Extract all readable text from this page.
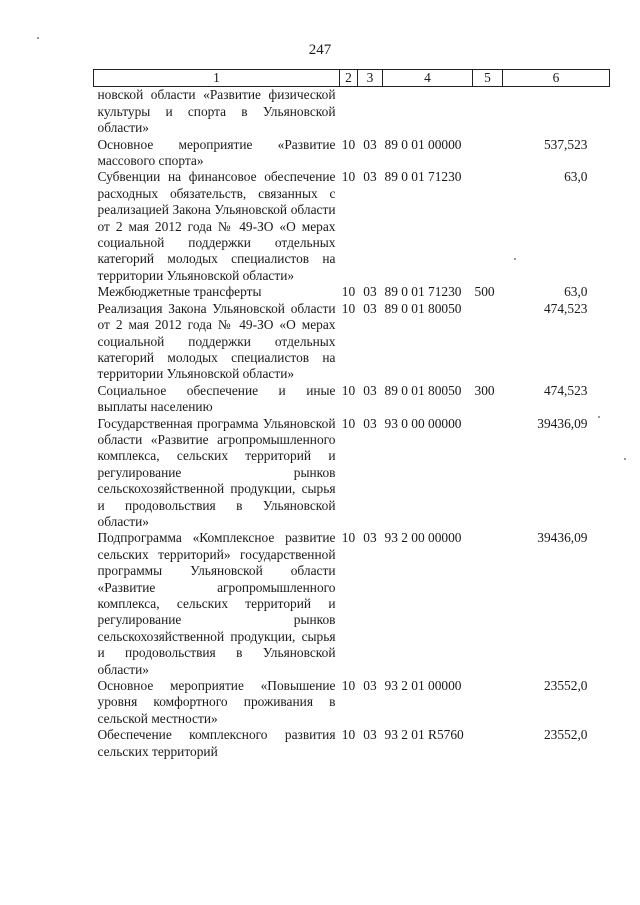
247
1	2	3	4	5	6
новской области «Развитие физической культуры и спорта в Ульяновской области»					
Основное мероприятие «Развитие массового спорта»	10	03	89 0 01 00000		537,523
Субвенции на финансовое обеспечение расходных обязательств, связанных с реализацией Закона Ульяновской области от 2 мая 2012 года № 49-ЗО «О мерах социальной поддержки отдельных категорий молодых специалистов на территории Ульяновской области»	10	03	89 0 01 71230		63,0
Межбюджетные трансферты	10	03	89 0 01 71230	500	63,0
Реализация Закона Ульяновской области от 2 мая 2012 года № 49-ЗО «О мерах социальной поддержки отдельных категорий молодых специалистов на территории Ульяновской области»	10	03	89 0 01 80050		474,523
Социальное обеспечение и иные выплаты населению	10	03	89 0 01 80050	300	474,523
Государственная программа Ульяновской области «Развитие агропромышленного комплекса, сельских территорий и регулирование рынков сельскохозяйственной продукции, сырья и продовольствия в Ульяновской области»	10	03	93 0 00 00000		39436,09
Подпрограмма «Комплексное развитие сельских территорий» государственной программы Ульяновской области «Развитие агропромышленного комплекса, сельских территорий и регулирование рынков сельскохозяйственной продукции, сырья и продовольствия в Ульяновской области»	10	03	93 2 00 00000		39436,09
Основное мероприятие «Повышение уровня комфортного проживания в сельской местности»	10	03	93 2 01 00000		23552,0
Обеспечение комплексного развития сельских территорий	10	03	93 2 01 R5760		23552,0
